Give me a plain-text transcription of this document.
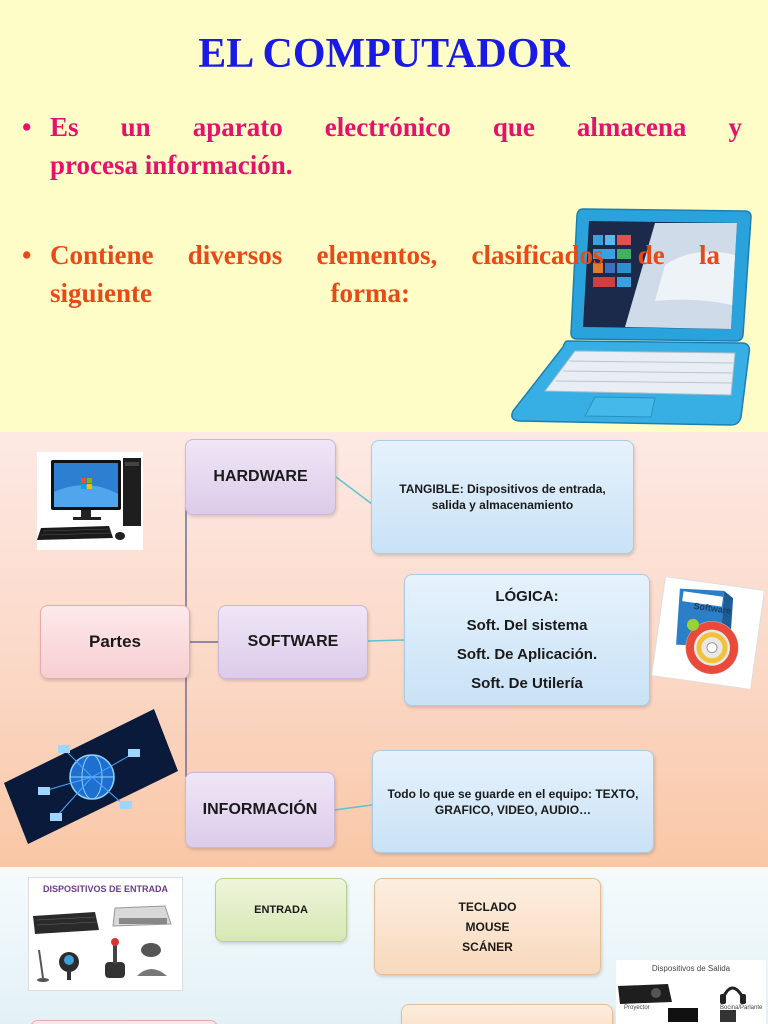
EL COMPUTADOR
• Es un aparato electrónico que almacena y
procesa información.
• Contiene diversos elementos, clasificados de la
siguiente forma:
HARDWARE
TANGIBLE: Dispositivos de entrada, salida y almacenamiento
Partes	SOFTWARE
LÓGICA:
Soft. Del sistema
Soft. De Aplicación.
Soft. De Utilería
Software
INFORMACIÓN
Todo lo que se guarde en el equipo: TEXTO, GRAFICO, VIDEO, AUDIO…
DISPOSITIVOS DE ENTRADA
ENTRADA	TECLADO
MOUSE
SCÁNER
Dispositivos de Salida
Proyector	Bocina/Parlante
